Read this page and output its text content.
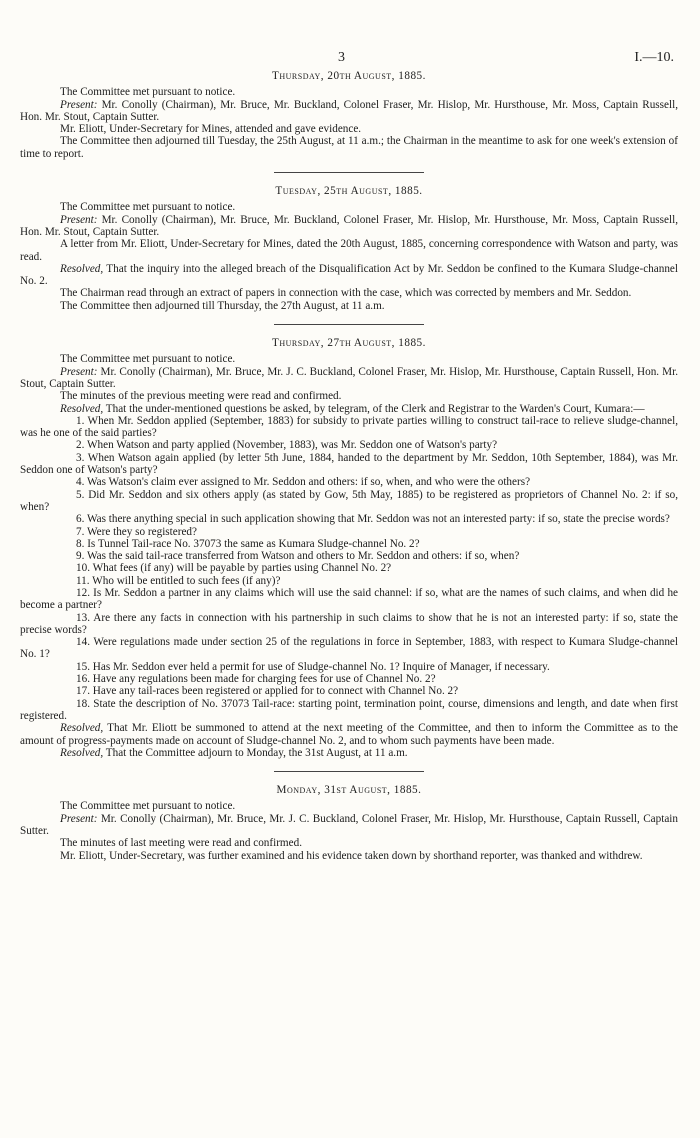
3	I.—10.
Thursday, 20th August, 1885.

The Committee met pursuant to notice.

Present: Mr. Conolly (Chairman), Mr. Bruce, Mr. Buckland, Colonel Fraser, Mr. Hislop, Mr. Hursthouse, Mr. Moss, Captain Russell, Hon. Mr. Stout, Captain Sutter.

Mr. Eliott, Under-Secretary for Mines, attended and gave evidence.

The Committee then adjourned till Tuesday, the 25th August, at 11 a.m.; the Chairman in the meantime to ask for one week's extension of time to report.

Tuesday, 25th August, 1885.

The Committee met pursuant to notice.

Present: Mr. Conolly (Chairman), Mr. Bruce, Mr. Buckland, Colonel Fraser, Mr. Hislop, Mr. Hursthouse, Mr. Moss, Captain Russell, Hon. Mr. Stout, Captain Sutter.

A letter from Mr. Eliott, Under-Secretary for Mines, dated the 20th August, 1885, concerning correspondence with Watson and party, was read.

Resolved, That the inquiry into the alleged breach of the Disqualification Act by Mr. Seddon be confined to the Kumara Sludge-channel No. 2.

The Chairman read through an extract of papers in connection with the case, which was corrected by members and Mr. Seddon.

The Committee then adjourned till Thursday, the 27th August, at 11 a.m.

Thursday, 27th August, 1885.

The Committee met pursuant to notice.

Present: Mr. Conolly (Chairman), Mr. Bruce, Mr. J. C. Buckland, Colonel Fraser, Mr. Hislop, Mr. Hursthouse, Captain Russell, Hon. Mr. Stout, Captain Sutter.

The minutes of the previous meeting were read and confirmed.

Resolved, That the under-mentioned questions be asked, by telegram, of the Clerk and Registrar to the Warden's Court, Kumara:—

1. When Mr. Seddon applied (September, 1883) for subsidy to private parties willing to construct tail-race to relieve sludge-channel, was he one of the said parties?

2. When Watson and party applied (November, 1883), was Mr. Seddon one of Watson's party?

3. When Watson again applied (by letter 5th June, 1884, handed to the department by Mr. Seddon, 10th September, 1884), was Mr. Seddon one of Watson's party?

4. Was Watson's claim ever assigned to Mr. Seddon and others: if so, when, and who were the others?

5. Did Mr. Seddon and six others apply (as stated by Gow, 5th May, 1885) to be registered as proprietors of Channel No. 2: if so, when?

6. Was there anything special in such application showing that Mr. Seddon was not an interested party: if so, state the precise words?

7. Were they so registered?

8. Is Tunnel Tail-race No. 37073 the same as Kumara Sludge-channel No. 2?

9. Was the said tail-race transferred from Watson and others to Mr. Seddon and others: if so, when?

10. What fees (if any) will be payable by parties using Channel No. 2?

11. Who will be entitled to such fees (if any)?

12. Is Mr. Seddon a partner in any claims which will use the said channel: if so, what are the names of such claims, and when did he become a partner?

13. Are there any facts in connection with his partnership in such claims to show that he is not an interested party: if so, state the precise words?

14. Were regulations made under section 25 of the regulations in force in September, 1883, with respect to Kumara Sludge-channel No. 1?

15. Has Mr. Seddon ever held a permit for use of Sludge-channel No. 1? Inquire of Manager, if necessary.

16. Have any regulations been made for charging fees for use of Channel No. 2?

17. Have any tail-races been registered or applied for to connect with Channel No. 2?

18. State the description of No. 37073 Tail-race: starting point, termination point, course, dimensions and length, and date when first registered.

Resolved, That Mr. Eliott be summoned to attend at the next meeting of the Committee, and then to inform the Committee as to the amount of progress-payments made on account of Sludge-channel No. 2, and to whom such payments have been made.

Resolved, That the Committee adjourn to Monday, the 31st August, at 11 a.m.

Monday, 31st August, 1885.

The Committee met pursuant to notice.

Present: Mr. Conolly (Chairman), Mr. Bruce, Mr. J. C. Buckland, Colonel Fraser, Mr. Hislop, Mr. Hursthouse, Captain Russell, Captain Sutter.

The minutes of last meeting were read and confirmed.

Mr. Eliott, Under-Secretary, was further examined and his evidence taken down by shorthand reporter, was thanked and withdrew.
